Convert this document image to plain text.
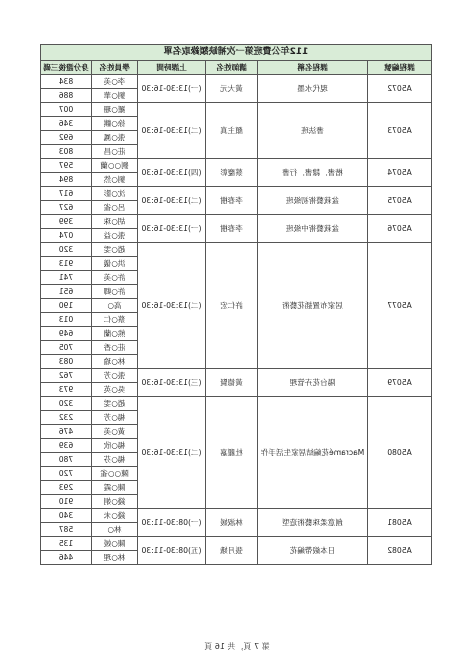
112年公費班第一次補缺額錄取名單					
課程編號	課程名稱	講師姓名	上課時間	學員姓名	身分證後三碼
A5072	現代水墨	黃大元	(一)13:30-16:30	李○美	834
				劉○華	886
A5073	書法班	顏主真	(二)13:30-16:30	羅○珊	007
				徐○麒	346
				張○鳳	692
				莊○昌	803
A5074	楷書．隸書．行書	蔡慶彰	(四)13:30-16:30	劉○○蘭	597
				劉○然	894
A5075	盆栽藝術初級班	李春樹	(二)13:30-16:30	沈○影	617
				呂○雀	627
A5076	盆栽藝術中級班	李春樹	(一)13:30-16:30	胡○珠	399
				張○益	074
A5077	居家布置插花藝術	許仁宏	(二)13:30-16:30	趙○雯	320
				洪○儀	913
				許○美	741
				許○卿	651
				高○	190
				蔡○仁	013
				熊○蘭	649
				莊○香	705
				林○瑜	083
A5079	陽台花卉管理	黃德賢	(三)13:30-16:30	張○芳	762
				吳○英	973
A5080	Macramé花編結居家生活手作	杜麗嘉	(二)13:30-16:30	趙○雯	320
				楊○芳	232
				黃○美	476
				楊○欣	639
				楊○芬	780
				陳○○雀	720
				陳○霞	293
				錢○娟	910
A5081	創意柔珠藝術造型	林淑媛	(一)08:30-11:30	錢○未	340
				林○	587
A5082	日本緞帶編花	張月娥	(五)08:30-11:30	陳○媛	135
				林○理	446
第 7 頁，共 16 頁
